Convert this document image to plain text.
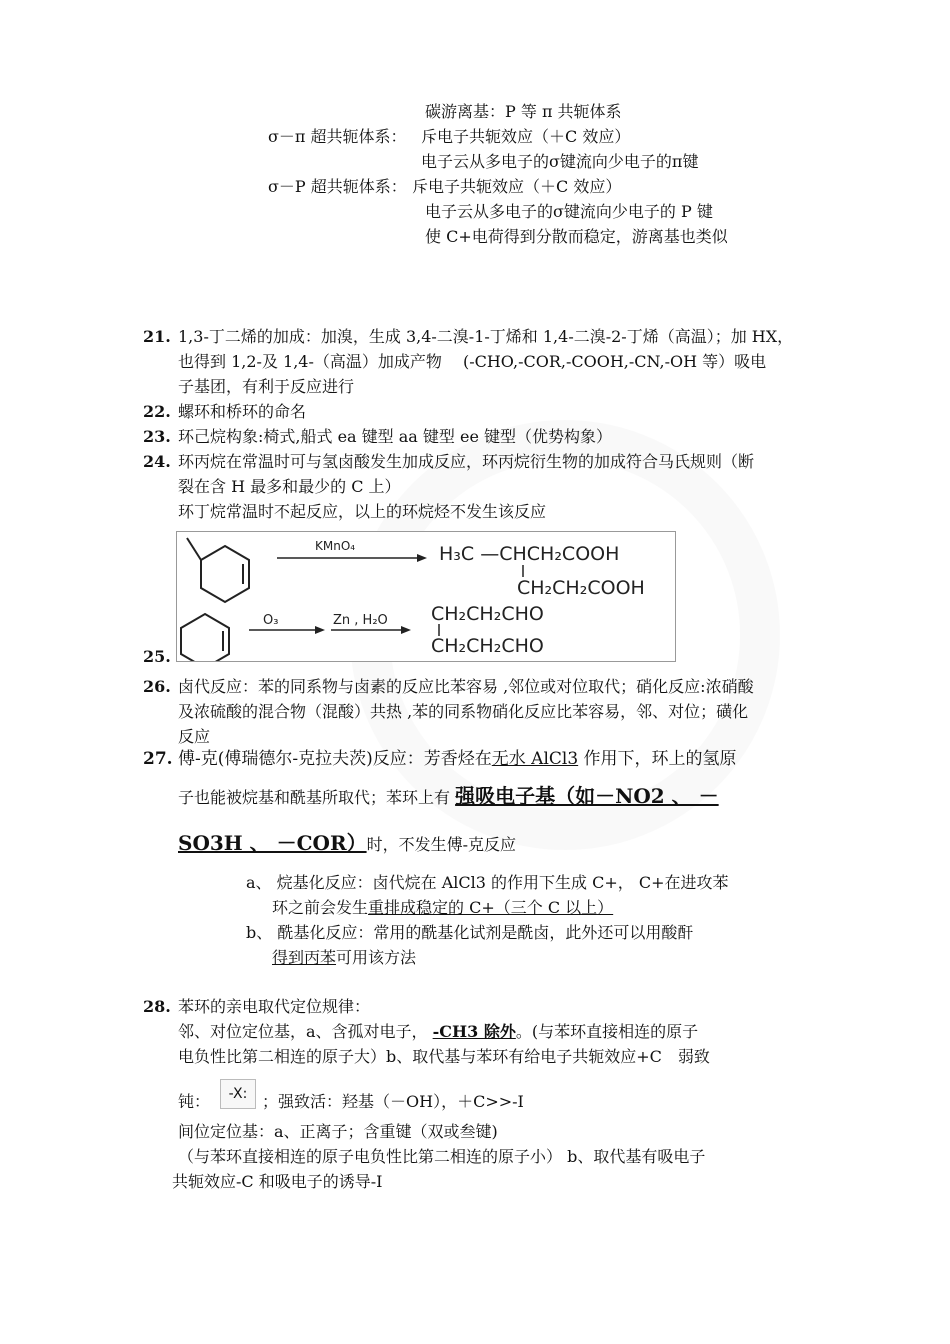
碳游离基：P 等 π 共轭体系
σ－π 超共轭体系： 斥电子共轭效应（＋C 效应）
电子云从多电子的σ键流向少电子的π键
σ－P 超共轭体系： 斥电子共轭效应（＋C 效应）
电子云从多电子的σ键流向少电子的 P 键
使 C+电荷得到分散而稳定，游离基也类似
21. 1,3-丁二烯的加成：加溴，生成 3,4-二溴-1-丁烯和 1,4-二溴-2-丁烯（高温）；加 HX，
也得到 1,2-及 1,4-（高温）加成产物　 (-CHO,-COR,-COOH,-CN,-OH 等）吸电
子基团，有利于反应进行
22. 螺环和桥环的命名
23. 环己烷构象:椅式,船式 ea 键型 aa 键型 ee 键型（优势构象）
24. 环丙烷在常温时可与氢卤酸发生加成反应，环丙烷衍生物的加成符合马氏规则（断
裂在含 H 最多和最少的 C 上）
环丁烷常温时不起反应，以上的环烷烃不发生该反应
25.
KMnO₄	H₃C —CHCH₂COOH
CH₂CH₂COOH
O₃	Zn , H₂O CH₂CH₂CHO
CH₂CH₂CHO
26. 卤代反应：苯的同系物与卤素的反应比苯容易 ,邻位或对位取代；硝化反应:浓硝酸
及浓硫酸的混合物（混酸）共热 ,苯的同系物硝化反应比苯容易，邻、对位；磺化
反应
27. 傅-克(傅瑞德尔-克拉夫茨)反应：芳香烃在无水 AlCl3 作用下，环上的氢原
子也能被烷基和酰基所取代；苯环上有 强吸电子基（如－NO2 、 －
SO3H 、 －COR）时，不发生傅-克反应
a、 烷基化反应：卤代烷在 AlCl3 的作用下生成 C+， C+在进攻苯
环之前会发生重排成稳定的 C+（三个 C 以上）
b、 酰基化反应：常用的酰基化试剂是酰卤，此外还可以用酸酐
得到丙苯可用该方法
28. 苯环的亲电取代定位规律：
邻、对位定位基，a、含孤对电子， -CH3 除外。(与苯环直接相连的原子
电负性比第二相连的原子大）b、取代基与苯环有给电子共轭效应+C　弱致
钝：	-X: ；强致活：羟基（－OH），＋C>>-I
间位定位基：a、正离子；含重键（双或叁键)
（与苯环直接相连的原子电负性比第二相连的原子小） b、取代基有吸电子
共轭效应-C 和吸电子的诱导-I
